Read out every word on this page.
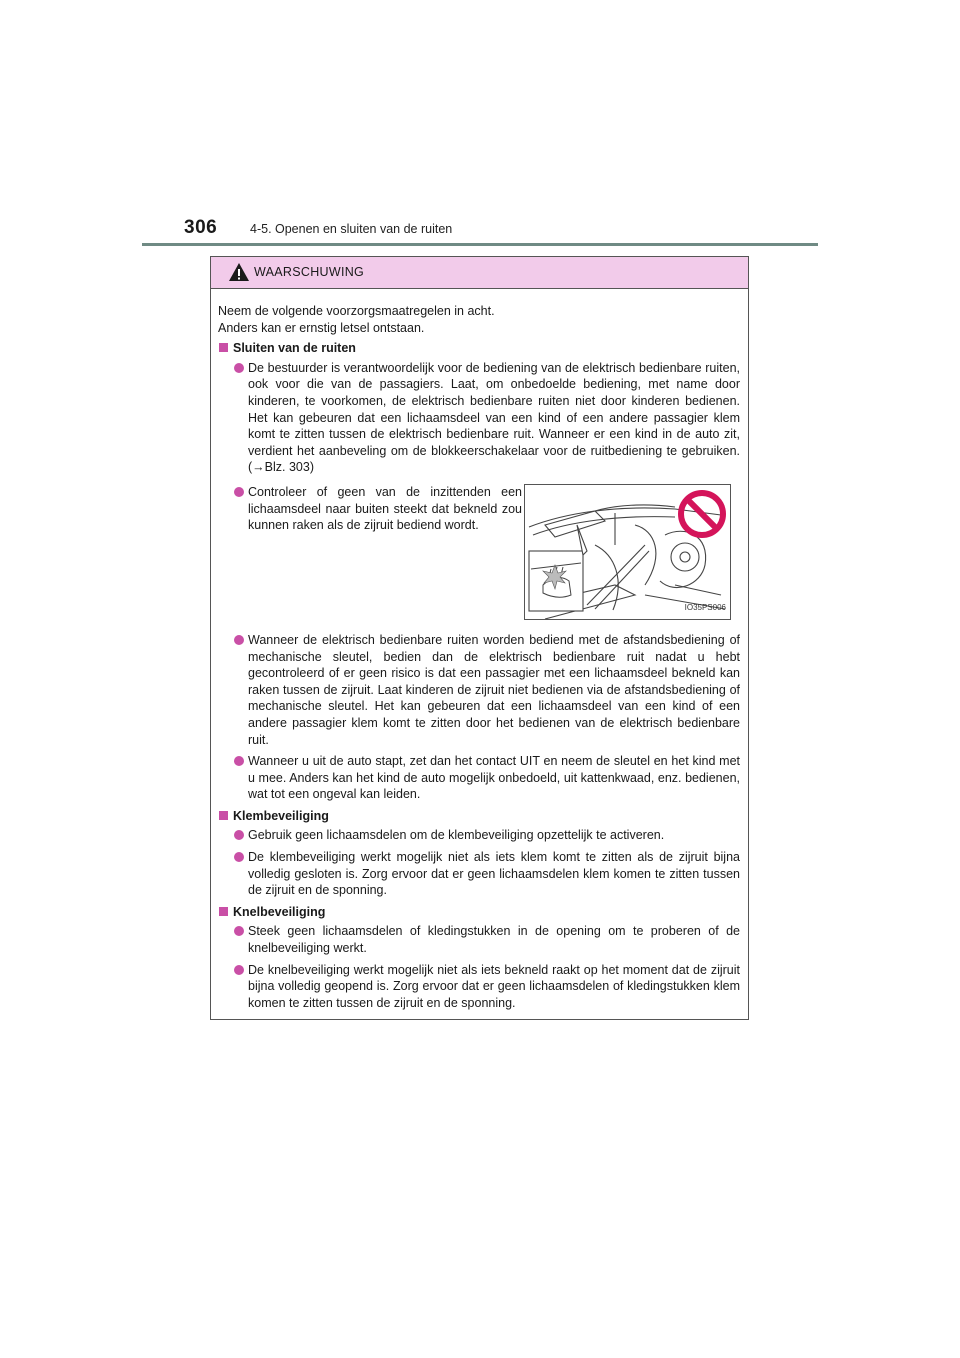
306	4-5. Openen en sluiten van de ruiten
WAARSCHUWING
Neem de volgende voorzorgsmaatregelen in acht.
Anders kan er ernstig letsel ontstaan.
Sluiten van de ruiten
De bestuurder is verantwoordelijk voor de bediening van de elektrisch bedienbare ruiten, ook voor die van de passagiers. Laat, om onbedoelde bediening, met name door kinderen, te voorkomen, de elektrisch bedienbare ruiten niet door kinderen bedienen. Het kan gebeuren dat een lichaamsdeel van een kind of een andere passagier klem komt te zitten tussen de elektrisch bedienbare ruit. Wanneer er een kind in de auto zit, verdient het aanbeveling om de blokkeerschakelaar voor de ruitbediening te gebruiken. (→Blz. 303)
Controleer of geen van de inzittenden een lichaamsdeel naar buiten steekt dat bekneld zou kunnen raken als de zijruit bediend wordt.
IO35PS006
Wanneer de elektrisch bedienbare ruiten worden bediend met de afstandsbediening of mechanische sleutel, bedien dan de elektrisch bedienbare ruit nadat u hebt gecontroleerd of er geen risico is dat een passagier met een lichaamsdeel bekneld kan raken tussen de zijruit. Laat kinderen de zijruit niet bedienen via de afstandsbediening of mechanische sleutel. Het kan gebeuren dat een lichaamsdeel van een kind of een andere passagier klem komt te zitten door het bedienen van de elektrisch bedienbare ruit.
Wanneer u uit de auto stapt, zet dan het contact UIT en neem de sleutel en het kind met u mee. Anders kan het kind de auto mogelijk onbedoeld, uit kattenkwaad, enz. bedienen, wat tot een ongeval kan leiden.
Klembeveiliging
Gebruik geen lichaamsdelen om de klembeveiliging opzettelijk te activeren.
De klembeveiliging werkt mogelijk niet als iets klem komt te zitten als de zijruit bijna volledig gesloten is. Zorg ervoor dat er geen lichaamsdelen klem komen te zitten tussen de zijruit en de sponning.
Knelbeveiliging
Steek geen lichaamsdelen of kledingstukken in de opening om te proberen of de knelbeveiliging werkt.
De knelbeveiliging werkt mogelijk niet als iets bekneld raakt op het moment dat de zijruit bijna volledig geopend is. Zorg ervoor dat er geen lichaamsdelen of kledingstukken klem komen te zitten tussen de zijruit en de sponning.
